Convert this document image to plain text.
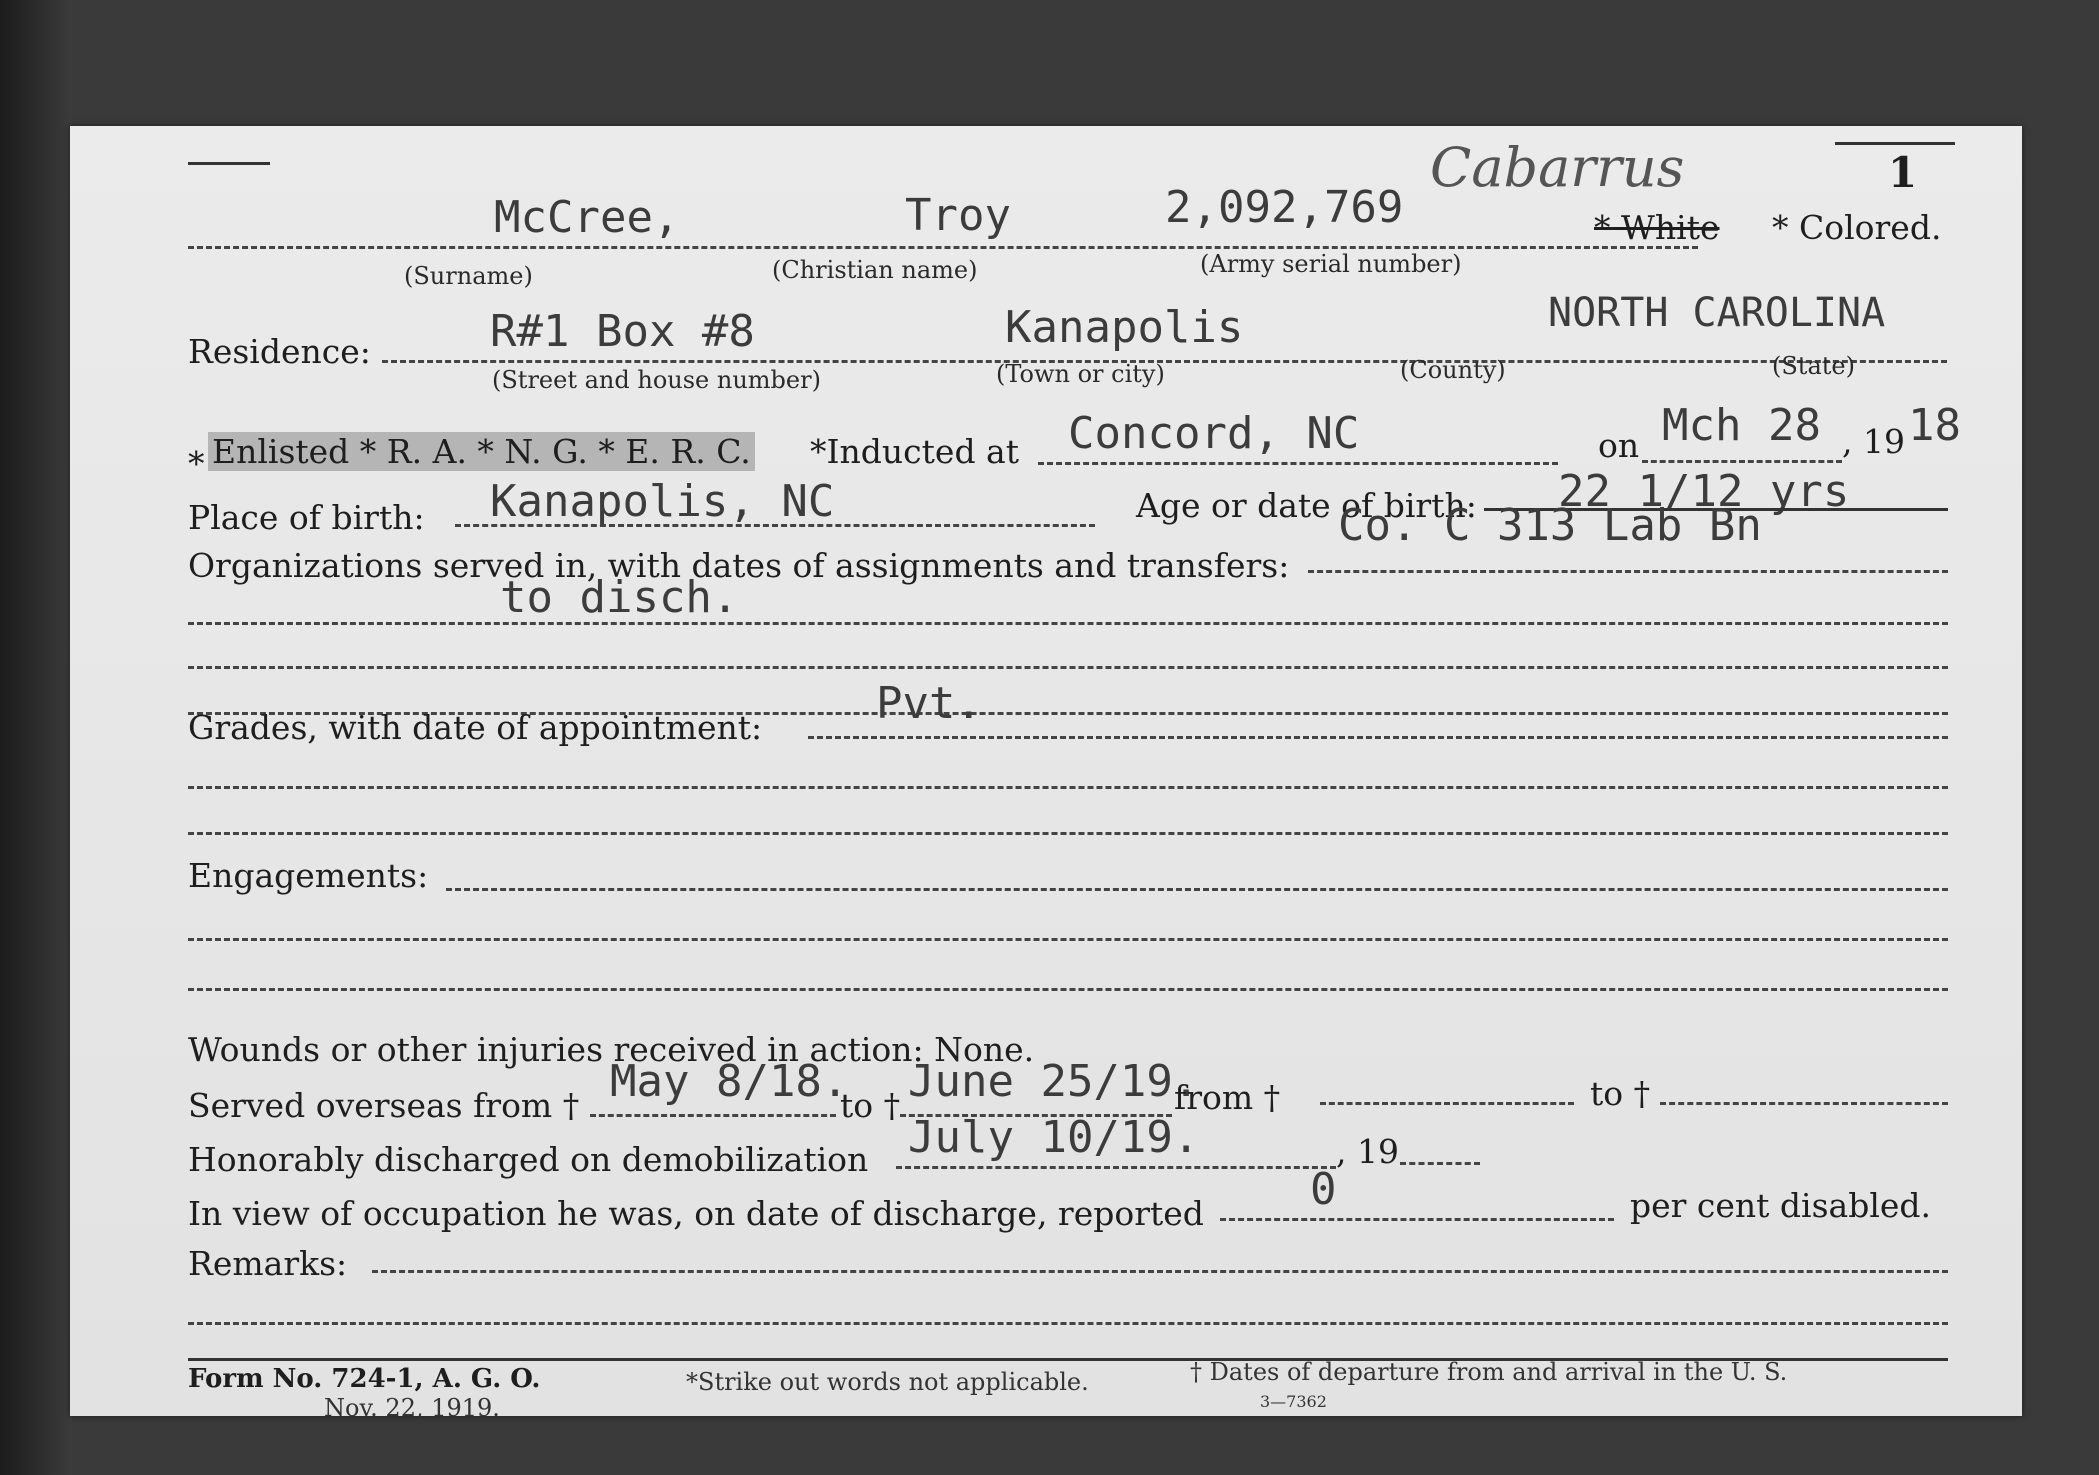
1
Cabarrus
McCree,	Troy	2,092,769	* White * Colored.
(Surname)	(Christian name)	(Army serial number)
Residence:	R#1 Box #8	Kanapolis	NORTH CAROLINA
(Street and house number)	(Town or city)	(County)	(State)
* Enlisted * R. A. * N. G. * E. R. C. *Inducted at Concord, NC	on Mch 28 , 19 18
Place of birth: Kanapolis, NC	Age or date of birth: 22 1/12 yrs
Organizations served in, with dates of assignments and transfers:
Co. C 313 Lab Bn
to disch.
Grades, with date of appointment:	Pvt.
Engagements:
Wounds or other injuries received in action: None.
Served overseas from † May 8/18.
to † June 25/19.
from †	to †
Honorably discharged on demobilization July 10/19.	, 19
In view of occupation he was, on date of discharge, reported 0	per cent disabled.
Remarks:
Form No. 724-1, A. G. O.
Nov. 22, 1919.
*Strike out words not applicable.	† Dates of departure from and arrival in the U. S.
3—7362
